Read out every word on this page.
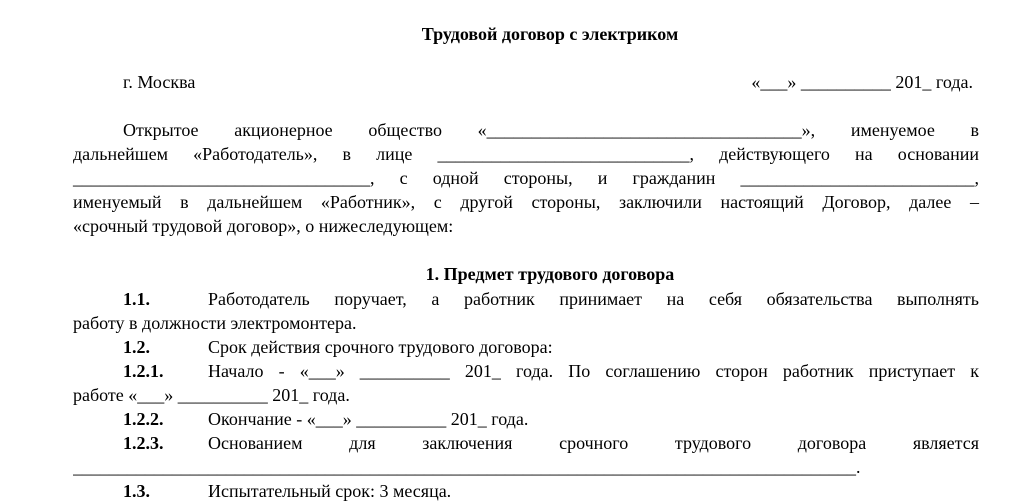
Трудовой договор с электриком
г. Москва	«___» __________ 201_ года.
Открытое акционерное общество «___________________________________», именуемое в
дальнейшем «Работодатель», в лице ____________________________, действующего на основании
_________________________________, с одной стороны, и гражданин __________________________,
именуемый в дальнейшем «Работник», с другой стороны, заключили настоящий Договор, далее –
«срочный трудовой договор», о нижеследующем:
1. Предмет трудового договора
1.1.	Работодатель поручает, а работник принимает на себя обязательства выполнять
работу в должности электромонтера.
1.2.	Срок действия срочного трудового договора:
1.2.1. Начало - «___» __________ 201_ года. По соглашению сторон работник приступает к
работе «___» __________ 201_ года.
1.2.2. Окончание - «___» __________ 201_ года.
1.2.3. Основанием для заключения срочного трудового договора является
_______________________________________________________________________________________.
1.3.	Испытательный срок: 3 месяца.
